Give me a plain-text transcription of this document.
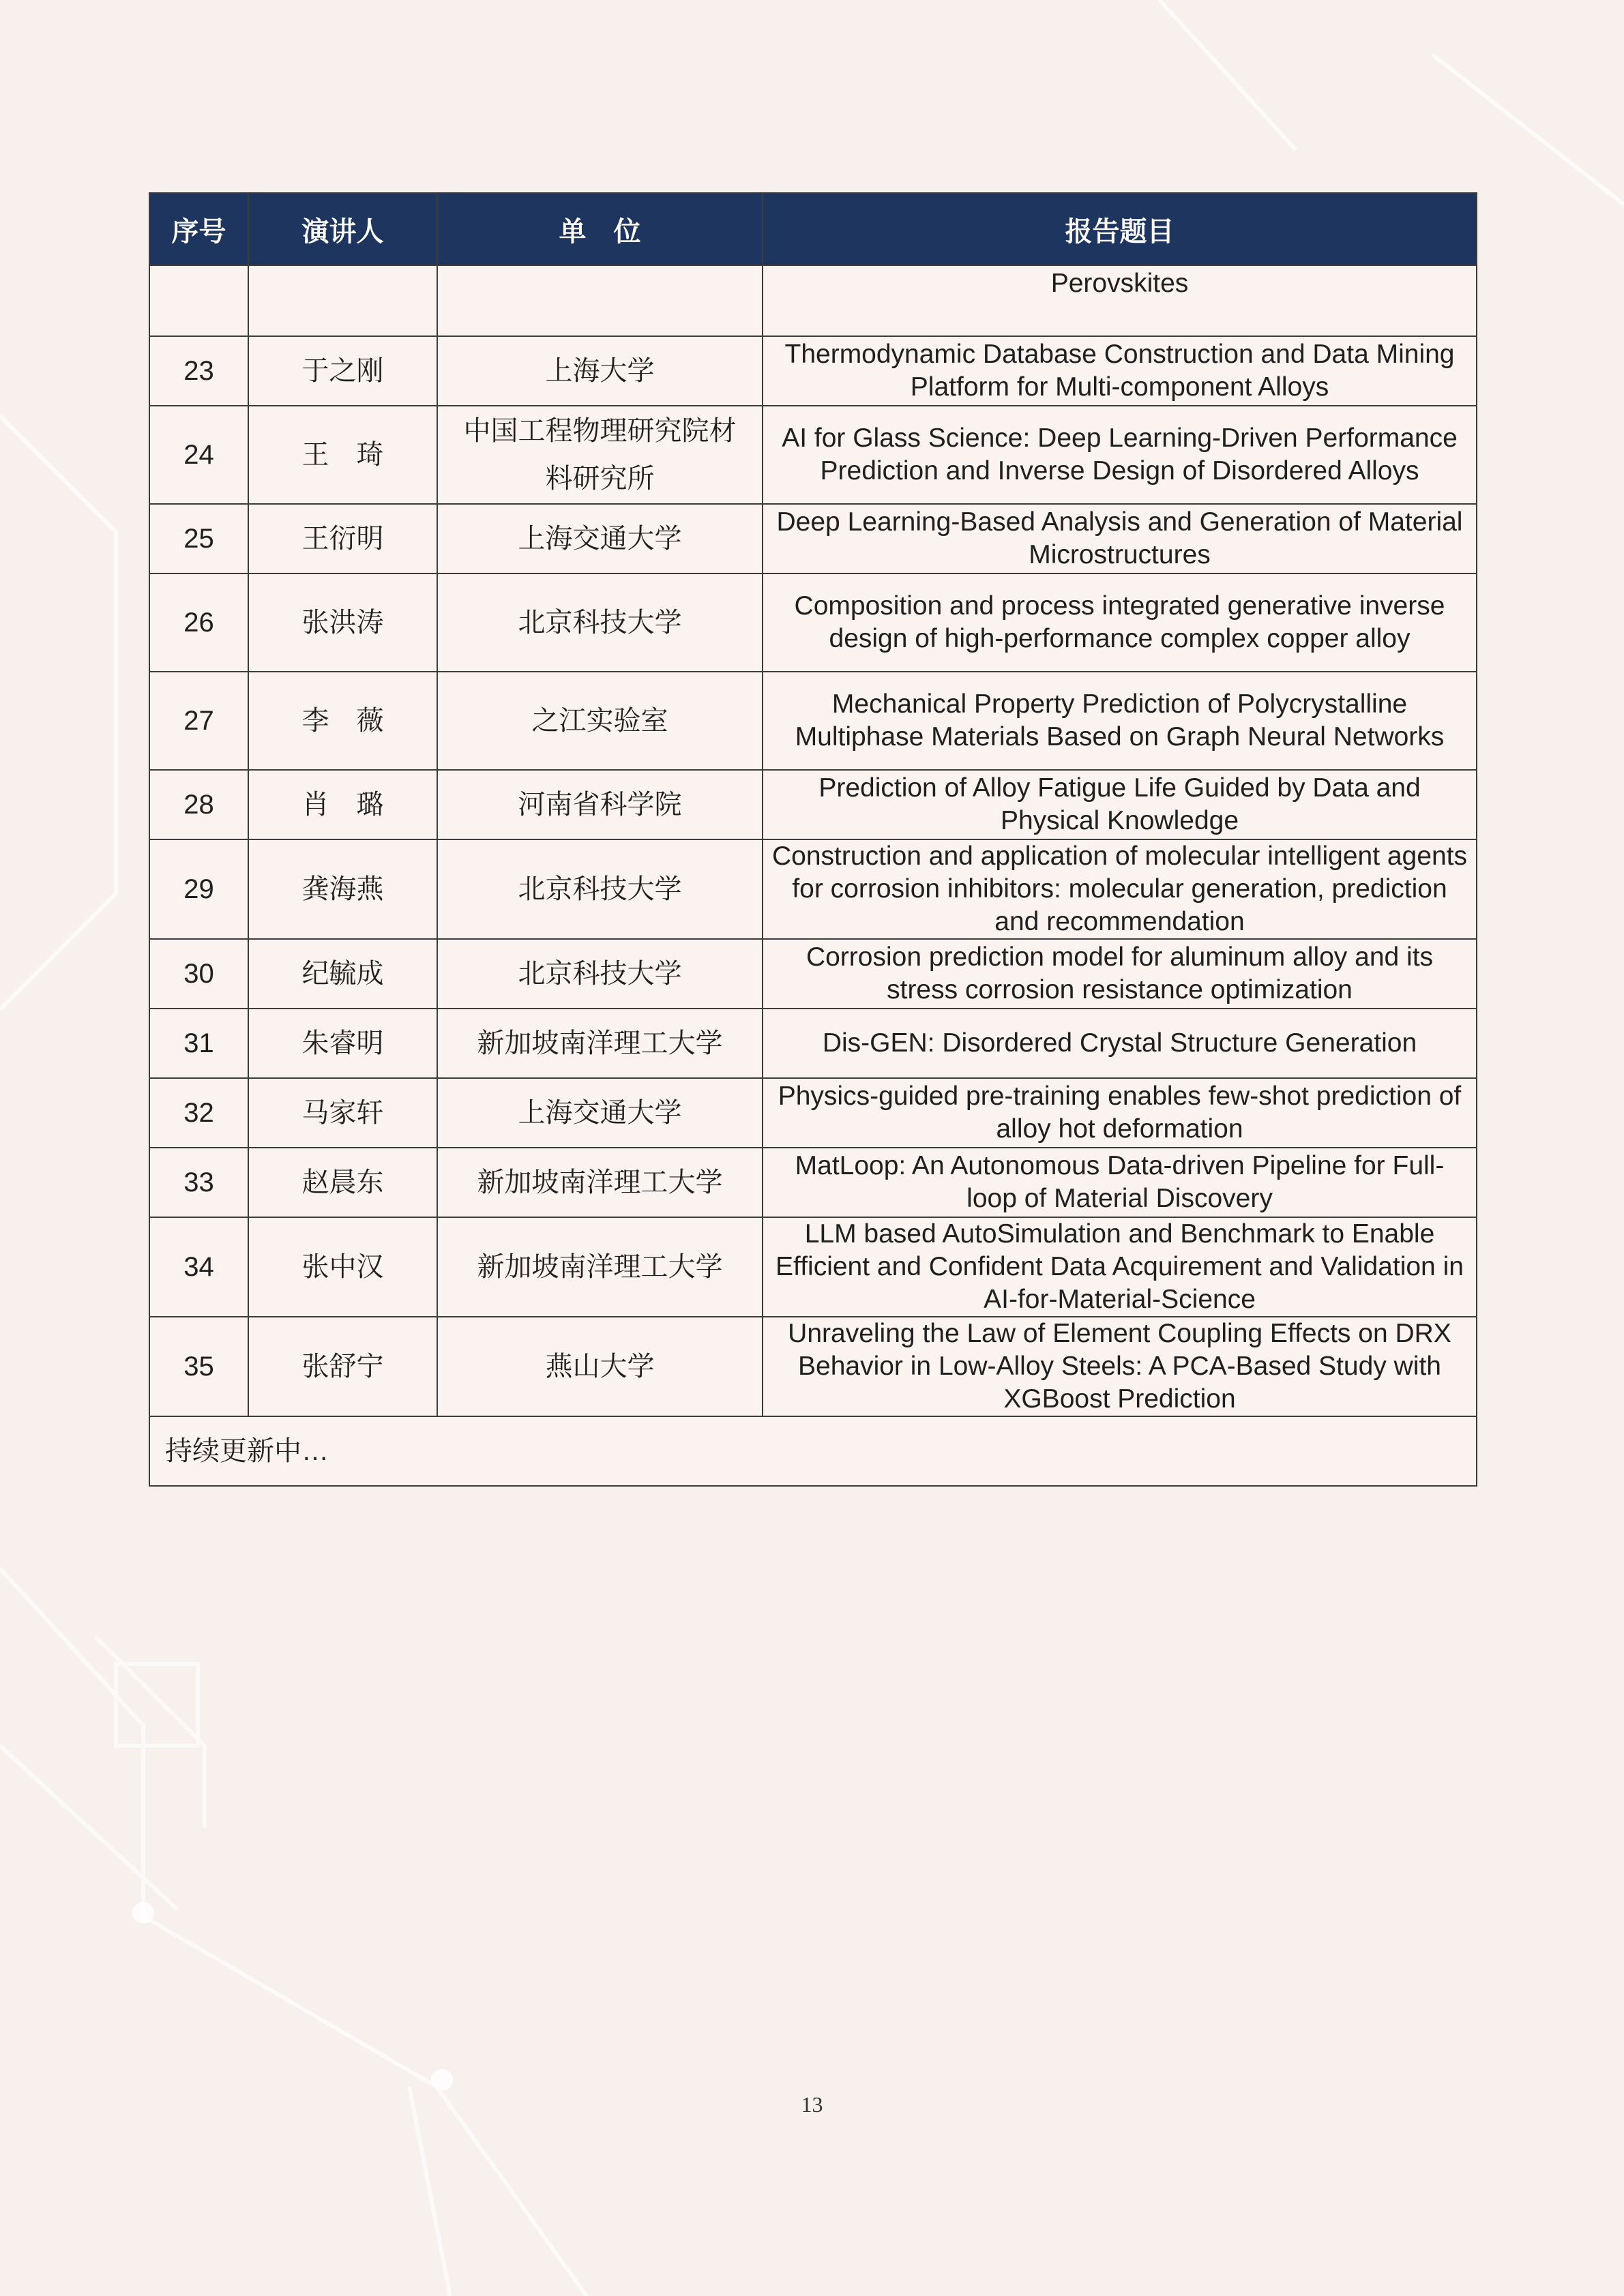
序号	演讲人	单　位	报告题目
			Perovskites
23	于之刚	上海大学	Thermodynamic Database Construction and Data Mining Platform for Multi-component Alloys
24	王　琦	中国工程物理研究院材料研究所	AI for Glass Science: Deep Learning-Driven Performance Prediction and Inverse Design of Disordered Alloys
25	王衍明	上海交通大学	Deep Learning-Based Analysis and Generation of Material Microstructures
26	张洪涛	北京科技大学	Composition and process integrated generative inverse design of high-performance complex copper alloy
27	李　薇	之江实验室	Mechanical Property Prediction of Polycrystalline Multiphase Materials Based on Graph Neural Networks
28	肖　璐	河南省科学院	Prediction of Alloy Fatigue Life Guided by Data and Physical Knowledge
29	龚海燕	北京科技大学	Construction and application of molecular intelligent agents for corrosion inhibitors: molecular generation, prediction and recommendation
30	纪毓成	北京科技大学	Corrosion prediction model for aluminum alloy and its stress corrosion resistance optimization
31	朱睿明	新加坡南洋理工大学	Dis-GEN: Disordered Crystal Structure Generation
32	马家轩	上海交通大学	Physics-guided pre-training enables few-shot prediction of alloy hot deformation
33	赵晨东	新加坡南洋理工大学	MatLoop: An Autonomous Data-driven Pipeline for Full-loop of Material Discovery
34	张中汉	新加坡南洋理工大学	LLM based AutoSimulation and Benchmark to Enable Efficient and Confident Data Acquirement and Validation in AI-for-Material-Science
35	张舒宁	燕山大学	Unraveling the Law of Element Coupling Effects on DRX Behavior in Low-Alloy Steels: A PCA-Based Study with XGBoost Prediction
持续更新中…			
13
